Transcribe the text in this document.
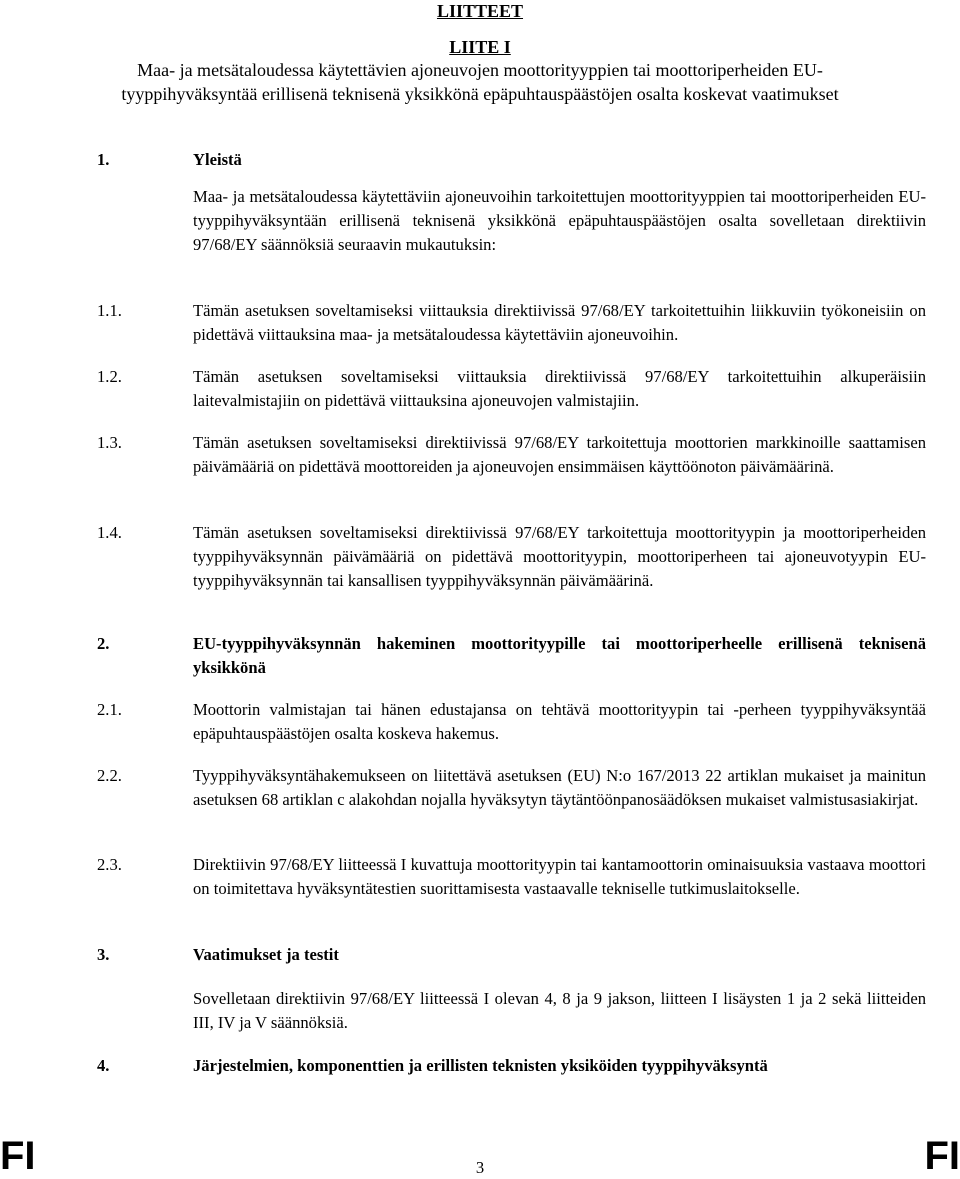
LIITTEET
LIITE I
Maa- ja metsätaloudessa käytettävien ajoneuvojen moottorityyppien tai moottoriperheiden EU-tyyppihyväksyntää erillisenä teknisenä yksikkönä epäpuhtauspäästöjen osalta koskevat vaatimukset
1.	Yleistä
Maa- ja metsätaloudessa käytettäviin ajoneuvoihin tarkoitettujen moottorityyppien tai moottoriperheiden EU-tyyppihyväksyntään erillisenä teknisenä yksikkönä epäpuhtauspäästöjen osalta sovelletaan direktiivin 97/68/EY säännöksiä seuraavin mukautuksin:
1.1.	Tämän asetuksen soveltamiseksi viittauksia direktiivissä 97/68/EY tarkoitettuihin liikkuviin työkoneisiin on pidettävä viittauksina maa- ja metsätaloudessa käytettäviin ajoneuvoihin.
1.2.	Tämän asetuksen soveltamiseksi viittauksia direktiivissä 97/68/EY tarkoitettuihin alkuperäisiin laitevalmistajiin on pidettävä viittauksina ajoneuvojen valmistajiin.
1.3.	Tämän asetuksen soveltamiseksi direktiivissä 97/68/EY tarkoitettuja moottorien markkinoille saattamisen päivämääriä on pidettävä moottoreiden ja ajoneuvojen ensimmäisen käyttöönoton päivämäärinä.
1.4.	Tämän asetuksen soveltamiseksi direktiivissä 97/68/EY tarkoitettuja moottorityypin ja moottoriperheiden tyyppihyväksynnän päivämääriä on pidettävä moottorityypin, moottoriperheen tai ajoneuvotyypin EU-tyyppihyväksynnän tai kansallisen tyyppihyväksynnän päivämäärinä.
2.	EU-tyyppihyväksynnän hakeminen moottorityypille tai moottoriperheelle erillisenä teknisenä yksikkönä
2.1.	Moottorin valmistajan tai hänen edustajansa on tehtävä moottorityypin tai -perheen tyyppihyväksyntää epäpuhtauspäästöjen osalta koskeva hakemus.
2.2.	Tyyppihyväksyntähakemukseen on liitettävä asetuksen (EU) N:o 167/2013 22 artiklan mukaiset ja mainitun asetuksen 68 artiklan c alakohdan nojalla hyväksytyn täytäntöönpanosäädöksen mukaiset valmistusasiakirjat.
2.3.	Direktiivin 97/68/EY liitteessä I kuvattuja moottorityypin tai kantamoottorin ominaisuuksia vastaava moottori on toimitettava hyväksyntätestien suorittamisesta vastaavalle tekniselle tutkimuslaitokselle.
3.	Vaatimukset ja testit
Sovelletaan direktiivin 97/68/EY liitteessä I olevan 4, 8 ja 9 jakson, liitteen I lisäysten 1 ja 2 sekä liitteiden III, IV ja V säännöksiä.
4.	Järjestelmien, komponenttien ja erillisten teknisten yksiköiden tyyppihyväksyntä
FI	3	FI
